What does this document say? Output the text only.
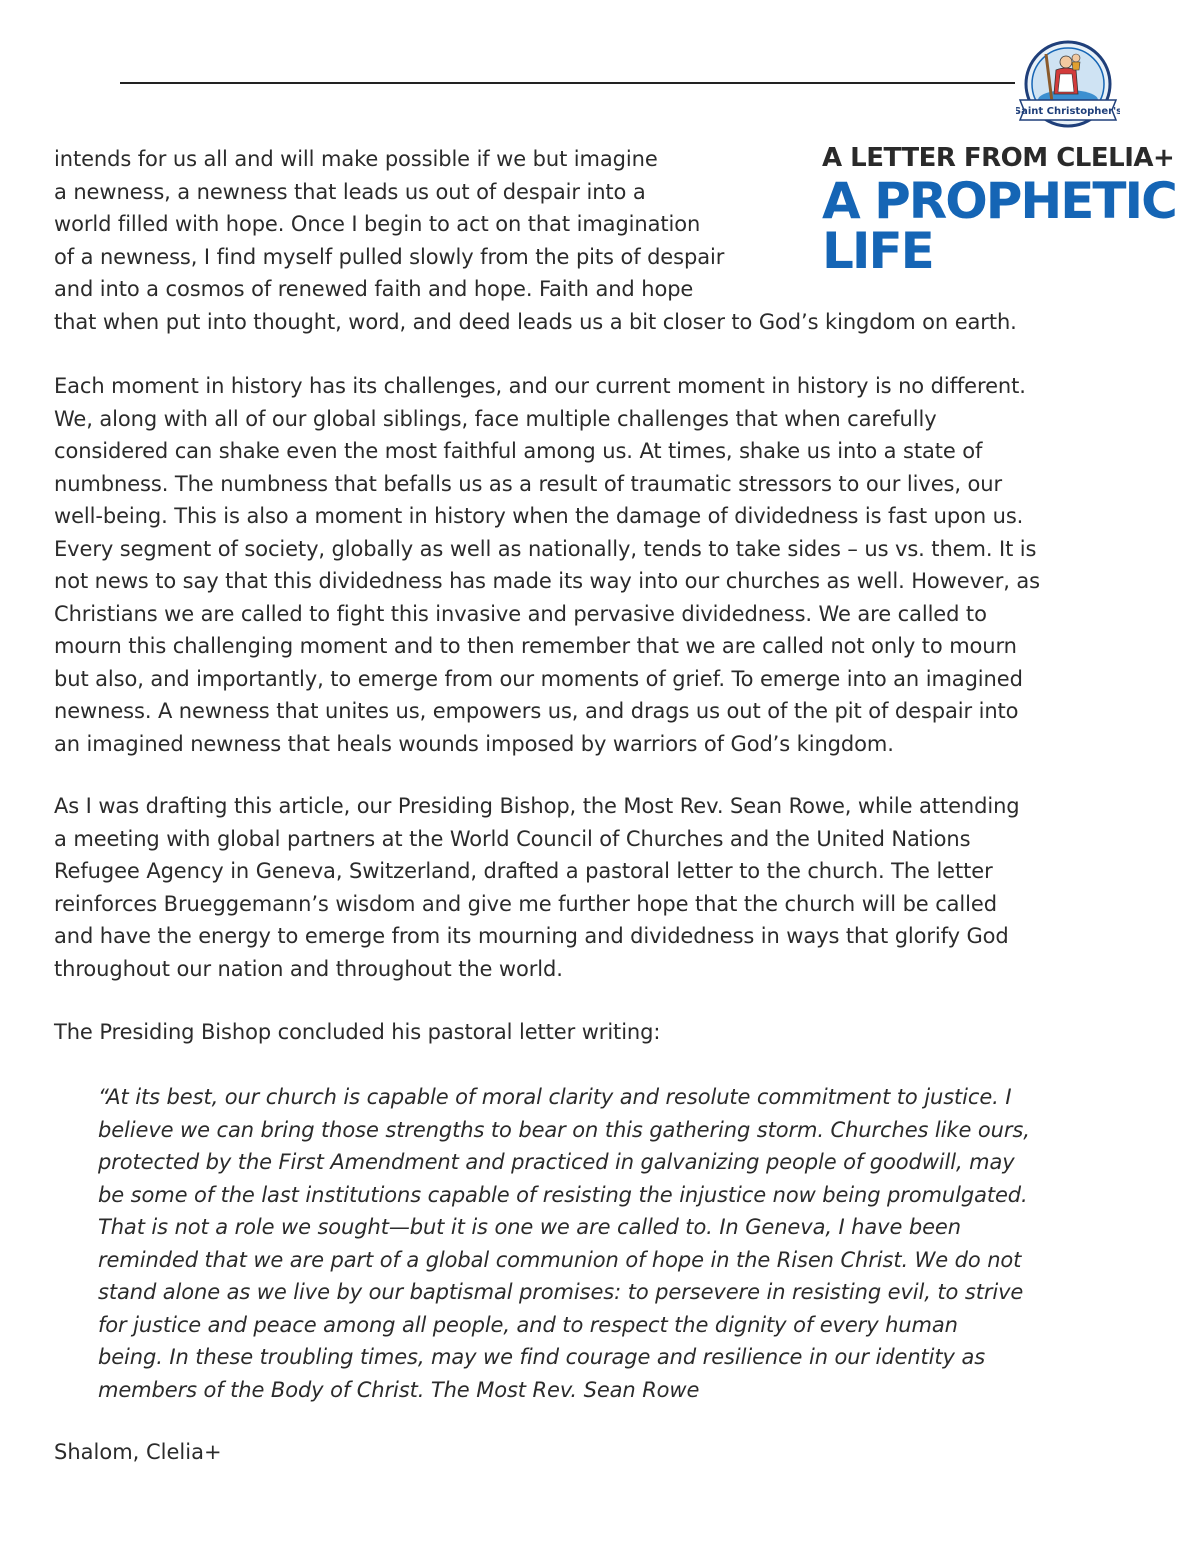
Saint Christopher's
A LETTER FROM CLELIA+
A PROPHETIC
LIFE
intends for us all and will make possible if we but imagine
a newness, a newness that leads us out of despair into a
world filled with hope. Once I begin to act on that imagination
of a newness, I find myself pulled slowly from the pits of despair
and into a cosmos of renewed faith and hope. Faith and hope
that when put into thought, word, and deed leads us a bit closer to God’s kingdom on earth.
Each moment in history has its challenges, and our current moment in history is no different.
We, along with all of our global siblings, face multiple challenges that when carefully
considered can shake even the most faithful among us. At times, shake us into a state of
numbness. The numbness that befalls us as a result of traumatic stressors to our lives, our
well-being. This is also a moment in history when the damage of dividedness is fast upon us.
Every segment of society, globally as well as nationally, tends to take sides – us vs. them. It is
not news to say that this dividedness has made its way into our churches as well. However, as
Christians we are called to fight this invasive and pervasive dividedness. We are called to
mourn this challenging moment and to then remember that we are called not only to mourn
but also, and importantly, to emerge from our moments of grief. To emerge into an imagined
newness. A newness that unites us, empowers us, and drags us out of the pit of despair into
an imagined newness that heals wounds imposed by warriors of God’s kingdom.
As I was drafting this article, our Presiding Bishop, the Most Rev. Sean Rowe, while attending
a meeting with global partners at the World Council of Churches and the United Nations
Refugee Agency in Geneva, Switzerland, drafted a pastoral letter to the church. The letter
reinforces Brueggemann’s wisdom and give me further hope that the church will be called
and have the energy to emerge from its mourning and dividedness in ways that glorify God
throughout our nation and throughout the world.
The Presiding Bishop concluded his pastoral letter writing:
“At its best, our church is capable of moral clarity and resolute commitment to justice. I
believe we can bring those strengths to bear on this gathering storm. Churches like ours,
protected by the First Amendment and practiced in galvanizing people of goodwill, may
be some of the last institutions capable of resisting the injustice now being promulgated.
That is not a role we sought—but it is one we are called to. In Geneva, I have been
reminded that we are part of a global communion of hope in the Risen Christ. We do not
stand alone as we live by our baptismal promises: to persevere in resisting evil, to strive
for justice and peace among all people, and to respect the dignity of every human
being. In these troubling times, may we find courage and resilience in our identity as
members of the Body of Christ. The Most Rev. Sean Rowe
Shalom, Clelia+
